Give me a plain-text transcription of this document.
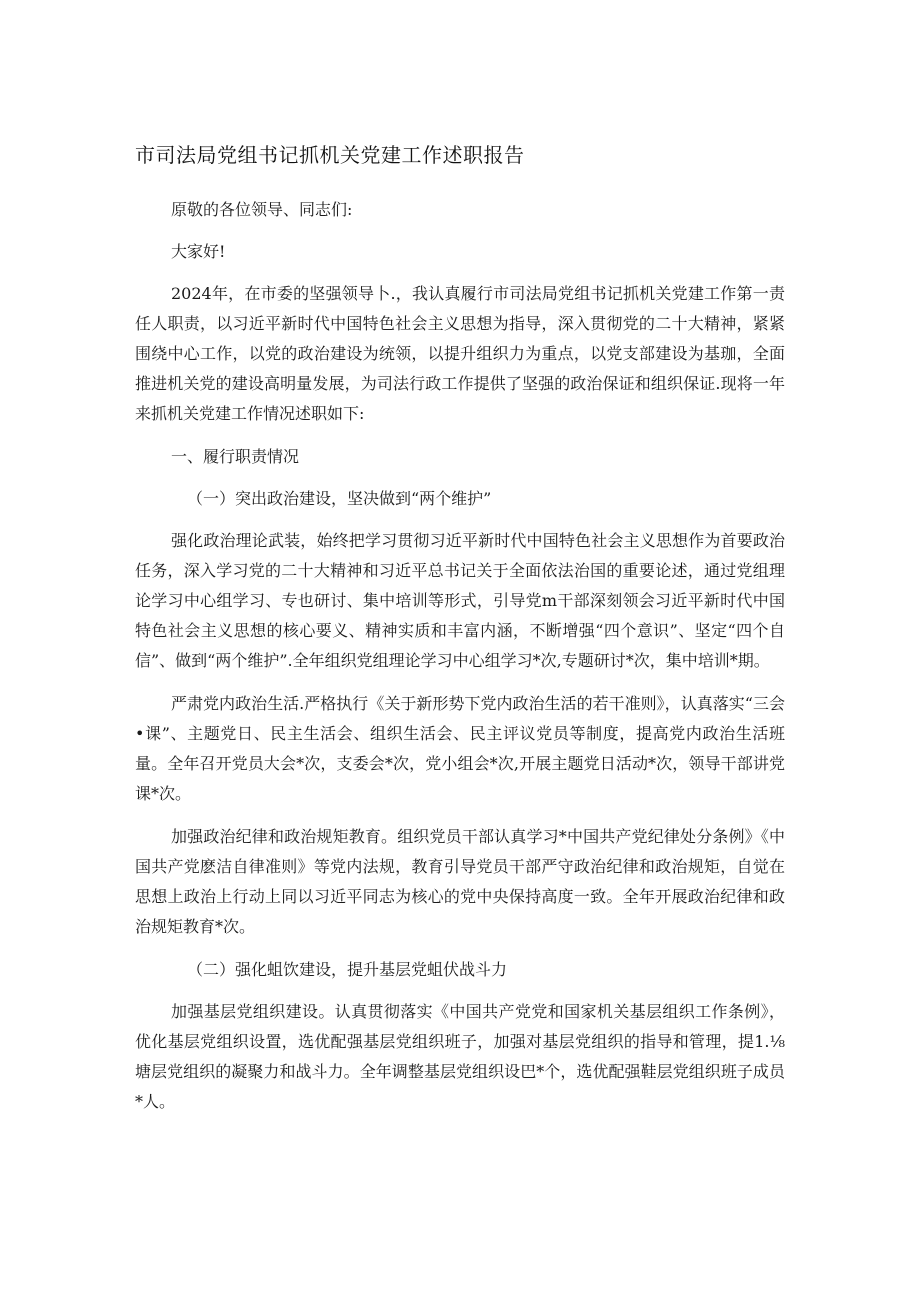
市司法局党组书记抓机关党建工作述职报告

原敬的各位领导、同志们:

大家好!

2024年，在市委的坚强领导卜.，我认真履行市司法局党组书记抓机关党建工作第一责任人职责，以习近平新时代中国特色社会主义思想为指导，深入贯彻党的二十大精神，紧紧围绕中心工作，以党的政治建设为统领，以提升组织力为重点，以党支部建设为基珈，全面推进机关党的建设高明量发展，为司法行政工作提供了坚强的政治保证和组织保证.现将一年来抓机关党建工作情况述职如下:

一、履行职责情况

（一）突出政治建设，坚决做到“两个维护”

强化政治理论武装，始终把学习贯彻习近平新时代中国特色社会主义思想作为首要政治任务，深入学习党的二十大精神和习近平总书记关于全面依法治国的重要论述，通过党组理论学习中心组学习、专也研讨、集中培训等形式，引导党m干部深刻领会习近平新时代中国特色社会主义思想的核心要义、精神实质和丰富内涵，不断增强“四个意识”、坚定“四个自信”、做到“两个维护”.全年组织党组理论学习中心组学习*次,专题研讨*次，集中培训*期。

严肃党内政治生活.严格执行《关于新形势下党内政治生活的若干准则》，认真落实“三会•课”、主题党日、民主生活会、组织生活会、民主评议党员等制度，提高党内政治生活班量。全年召开党员大会*次，支委会*次，党小组会*次,开展主题党日活动*次，领导干部讲党课*次。

加强政治纪律和政治规矩教育。组织党员干部认真学习*中国共产党纪律处分条例》《中国共产党麽洁自律准则》等党内法规，教育引导党员干部严守政治纪律和政治规矩，自觉在思想上政治上行动上同以习近平同志为核心的党中央保持高度一致。全年开展政治纪律和政治规矩教育*次。

（二）强化蛆饮建设，提升基层党蛆伏战斗力

加强基层党组织建设。认真贯彻落实《中国共产党党和国家机关基层组织工作条例》，优化基层党组织设置，选优配强基层党组织班子，加强对基层党组织的指导和管理，提1.⅛塘层党组织的凝聚力和战斗力。全年调整基层党组织设巴*个，选优配强鞋层党组织班子成员*人。
